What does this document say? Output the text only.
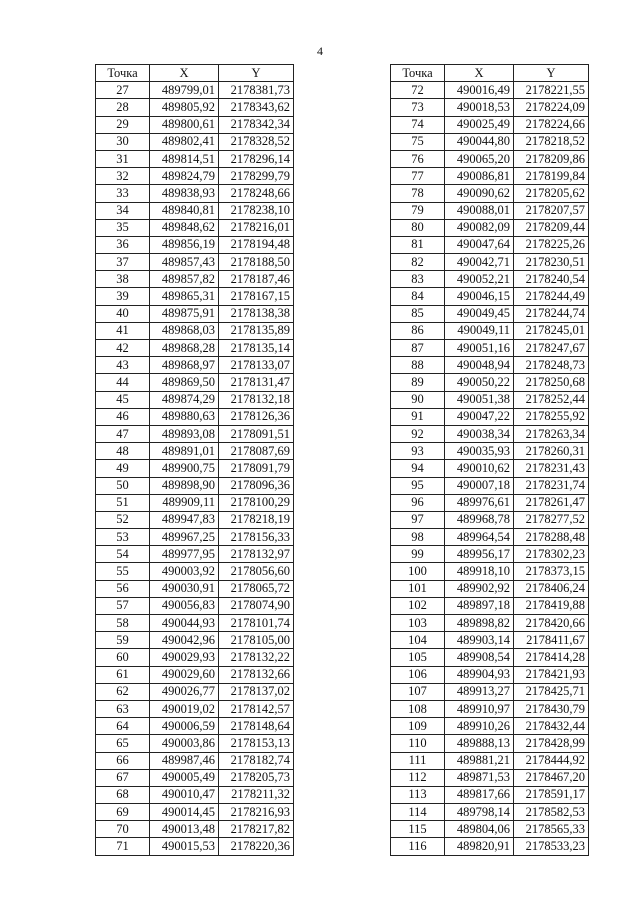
4
Точка	X	Y
27	489799,01	2178381,73
28	489805,92	2178343,62
29	489800,61	2178342,34
30	489802,41	2178328,52
31	489814,51	2178296,14
32	489824,79	2178299,79
33	489838,93	2178248,66
34	489840,81	2178238,10
35	489848,62	2178216,01
36	489856,19	2178194,48
37	489857,43	2178188,50
38	489857,82	2178187,46
39	489865,31	2178167,15
40	489875,91	2178138,38
41	489868,03	2178135,89
42	489868,28	2178135,14
43	489868,97	2178133,07
44	489869,50	2178131,47
45	489874,29	2178132,18
46	489880,63	2178126,36
47	489893,08	2178091,51
48	489891,01	2178087,69
49	489900,75	2178091,79
50	489898,90	2178096,36
51	489909,11	2178100,29
52	489947,83	2178218,19
53	489967,25	2178156,33
54	489977,95	2178132,97
55	490003,92	2178056,60
56	490030,91	2178065,72
57	490056,83	2178074,90
58	490044,93	2178101,74
59	490042,96	2178105,00
60	490029,93	2178132,22
61	490029,60	2178132,66
62	490026,77	2178137,02
63	490019,02	2178142,57
64	490006,59	2178148,64
65	490003,86	2178153,13
66	489987,46	2178182,74
67	490005,49	2178205,73
68	490010,47	2178211,32
69	490014,45	2178216,93
70	490013,48	2178217,82
71	490015,53	2178220,36
Точка	X	Y
72	490016,49	2178221,55
73	490018,53	2178224,09
74	490025,49	2178224,66
75	490044,80	2178218,52
76	490065,20	2178209,86
77	490086,81	2178199,84
78	490090,62	2178205,62
79	490088,01	2178207,57
80	490082,09	2178209,44
81	490047,64	2178225,26
82	490042,71	2178230,51
83	490052,21	2178240,54
84	490046,15	2178244,49
85	490049,45	2178244,74
86	490049,11	2178245,01
87	490051,16	2178247,67
88	490048,94	2178248,73
89	490050,22	2178250,68
90	490051,38	2178252,44
91	490047,22	2178255,92
92	490038,34	2178263,34
93	490035,93	2178260,31
94	490010,62	2178231,43
95	490007,18	2178231,74
96	489976,61	2178261,47
97	489968,78	2178277,52
98	489964,54	2178288,48
99	489956,17	2178302,23
100	489918,10	2178373,15
101	489902,92	2178406,24
102	489897,18	2178419,88
103	489898,82	2178420,66
104	489903,14	2178411,67
105	489908,54	2178414,28
106	489904,93	2178421,93
107	489913,27	2178425,71
108	489910,97	2178430,79
109	489910,26	2178432,44
110	489888,13	2178428,99
111	489881,21	2178444,92
112	489871,53	2178467,20
113	489817,66	2178591,17
114	489798,14	2178582,53
115	489804,06	2178565,33
116	489820,91	2178533,23
